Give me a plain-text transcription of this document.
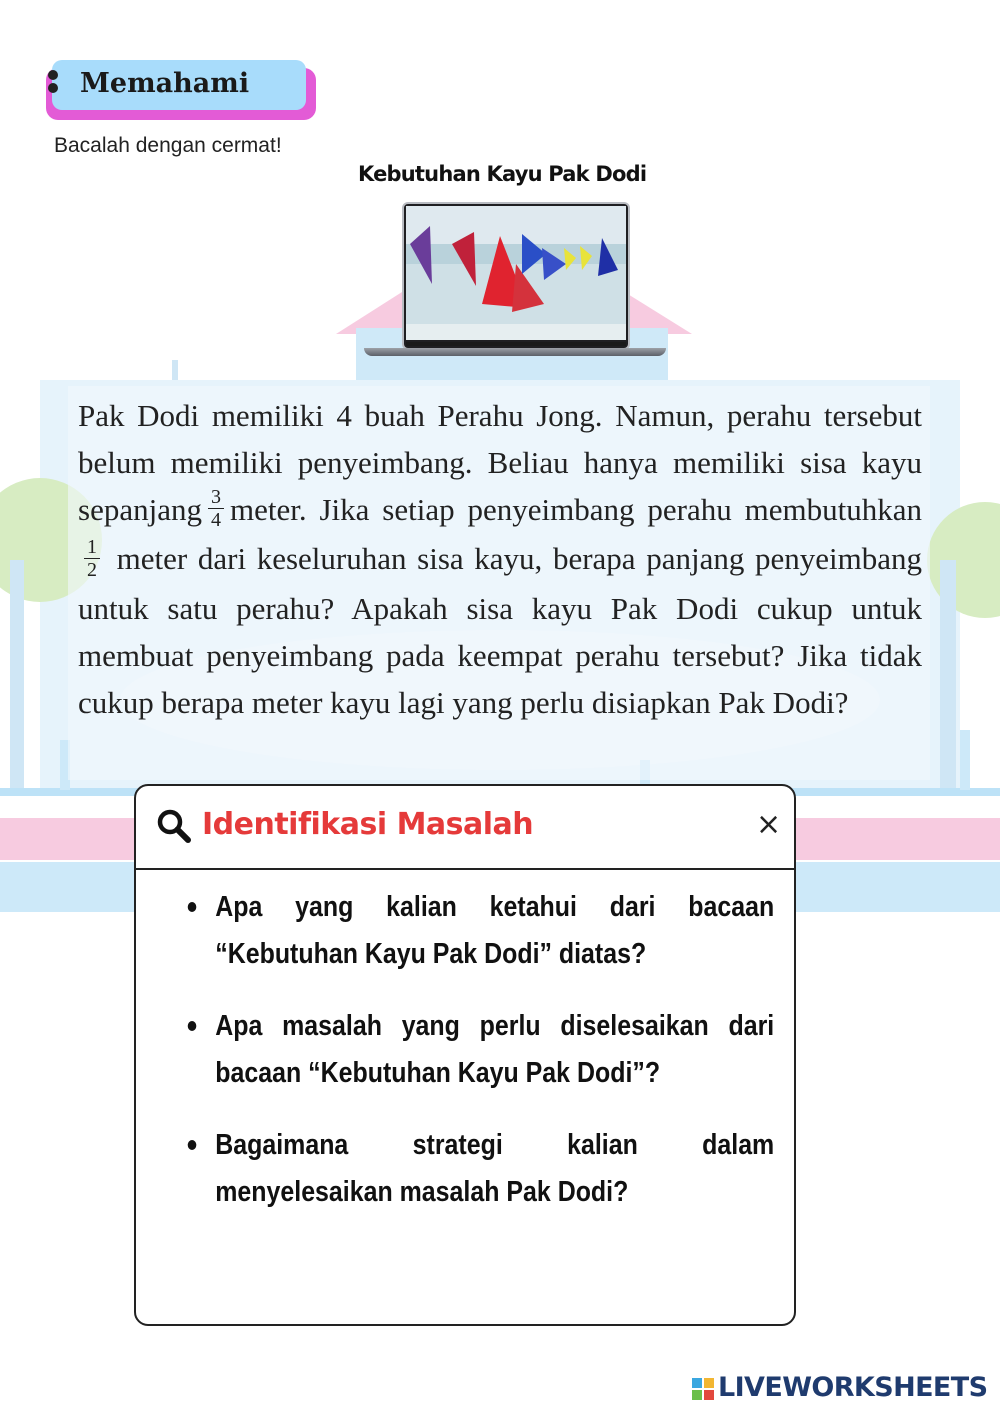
Memahami
Bacalah dengan cermat!
Kebutuhan Kayu Pak Dodi

Pak Dodi memiliki 4 buah Perahu Jong. Namun, perahu tersebut belum memiliki penyeimbang. Beliau hanya memiliki sisa kayu sepanjang $\frac{3}{4}$ meter. Jika setiap penyeimbang perahu membutuhkan
$\frac{1}{2}$ meter dari keseluruhan sisa kayu, berapa panjang penyeimbang untuk satu perahu? Apakah sisa kayu Pak Dodi cukup untuk membuat penyeimbang pada keempat perahu tersebut? Jika tidak cukup berapa meter kayu lagi yang perlu disiapkan Pak Dodi?

Identifikasi Masalah	×
Apa yang kalian ketahui dari bacaan “Kebutuhan Kayu Pak Dodi” diatas?
Apa masalah yang perlu diselesaikan dari bacaan “Kebutuhan Kayu Pak Dodi”?
Bagaimana strategi kalian dalam menyelesaikan masalah Pak Dodi?
LIVEWORKSHEETS
